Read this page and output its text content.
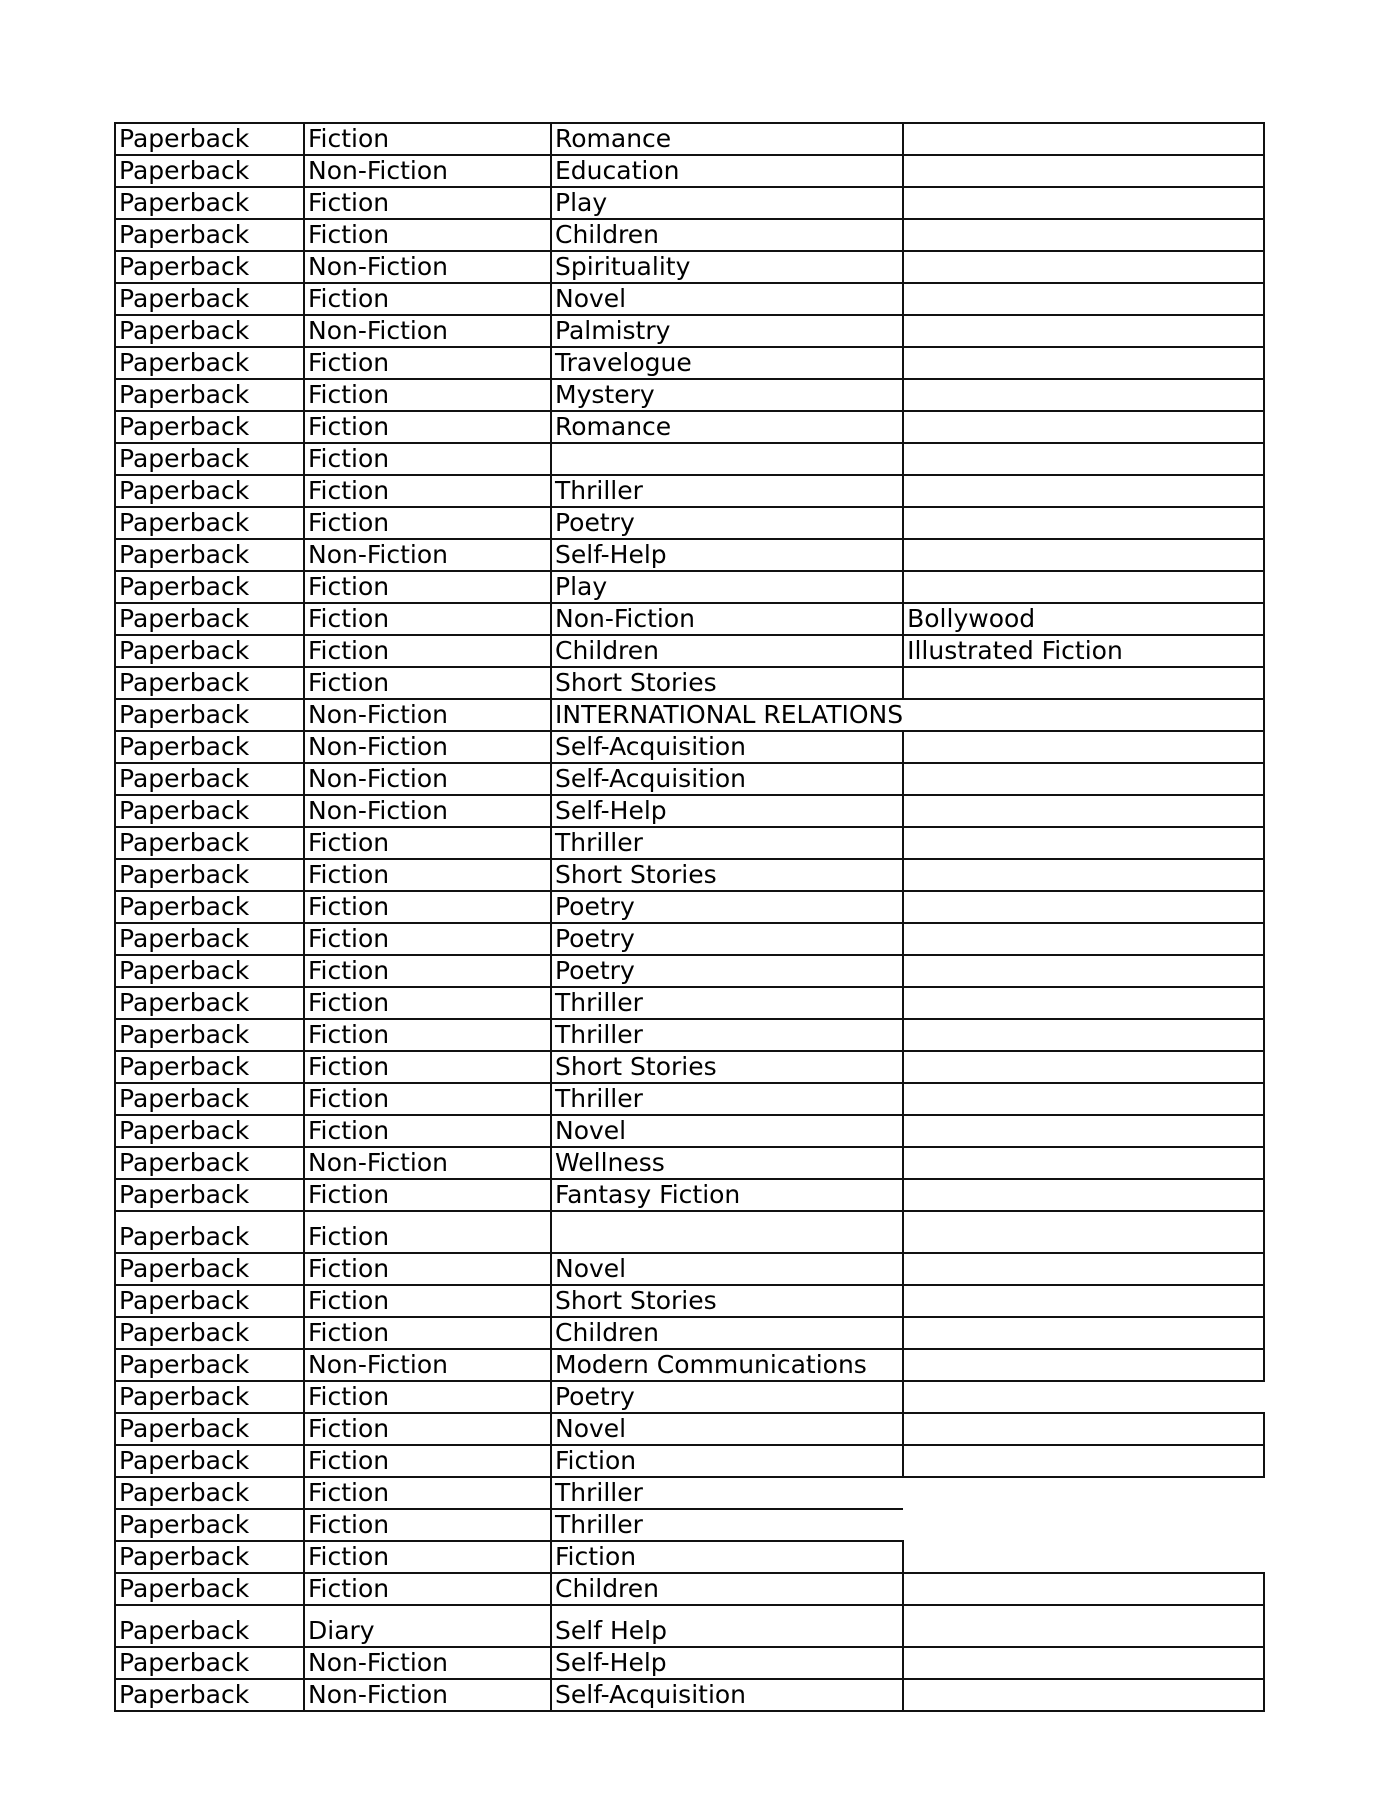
Paperback	Fiction	Romance	
Paperback	Non-Fiction	Education	
Paperback	Fiction	Play	
Paperback	Fiction	Children	
Paperback	Non-Fiction	Spirituality	
Paperback	Fiction	Novel	
Paperback	Non-Fiction	Palmistry	
Paperback	Fiction	Travelogue	
Paperback	Fiction	Mystery	
Paperback	Fiction	Romance	
Paperback	Fiction		
Paperback	Fiction	Thriller	
Paperback	Fiction	Poetry	
Paperback	Non-Fiction	Self-Help	
Paperback	Fiction	Play	
Paperback	Fiction	Non-Fiction	Bollywood
Paperback	Fiction	Children	Illustrated Fiction
Paperback	Fiction	Short Stories	
Paperback	Non-Fiction	INTERNATIONAL RELATIONS	
Paperback	Non-Fiction	Self-Acquisition	
Paperback	Non-Fiction	Self-Acquisition	
Paperback	Non-Fiction	Self-Help	
Paperback	Fiction	Thriller	
Paperback	Fiction	Short Stories	
Paperback	Fiction	Poetry	
Paperback	Fiction	Poetry	
Paperback	Fiction	Poetry	
Paperback	Fiction	Thriller	
Paperback	Fiction	Thriller	
Paperback	Fiction	Short Stories	
Paperback	Fiction	Thriller	
Paperback	Fiction	Novel	
Paperback	Non-Fiction	Wellness	
Paperback	Fiction	Fantasy Fiction	
Paperback	Fiction		
Paperback	Fiction	Novel	
Paperback	Fiction	Short Stories	
Paperback	Fiction	Children	
Paperback	Non-Fiction	Modern Communications	
Paperback	Fiction	Poetry	
Paperback	Fiction	Novel	
Paperback	Fiction	Fiction	
Paperback	Fiction	Thriller	
Paperback	Fiction	Thriller	
Paperback	Fiction	Fiction	
Paperback	Fiction	Children	
Paperback	Diary	Self Help	
Paperback	Non-Fiction	Self-Help	
Paperback	Non-Fiction	Self-Acquisition	
